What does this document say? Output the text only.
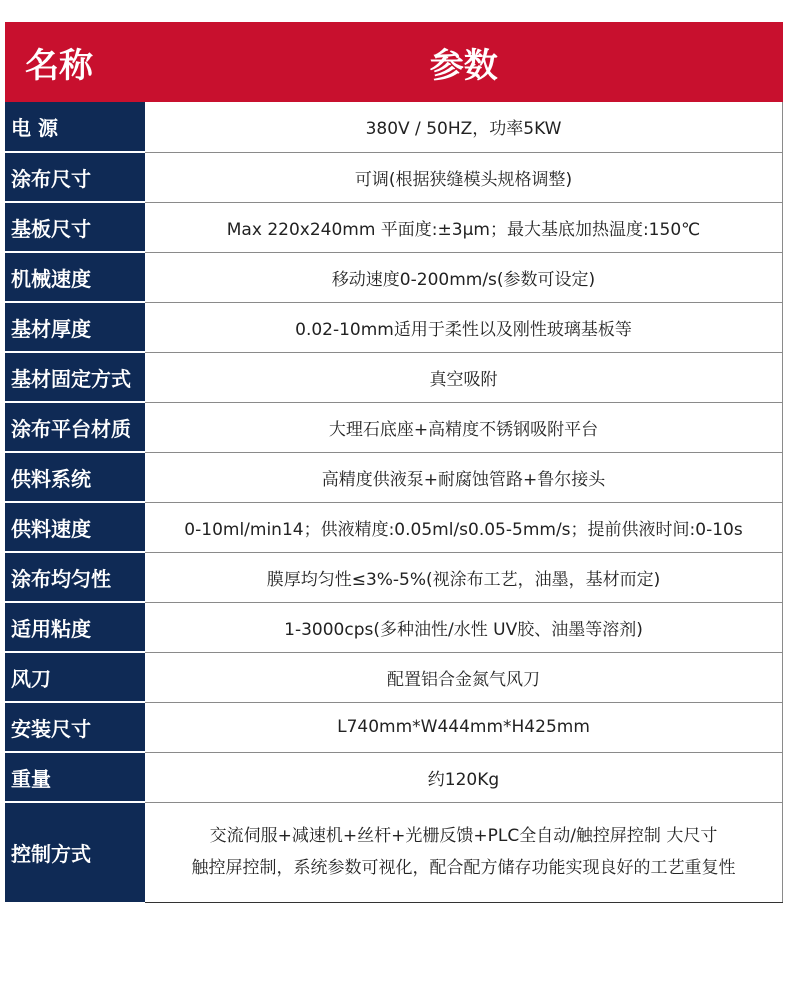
名称	参数
电 源	380V / 50HZ，功率5KW
涂布尺寸	可调(根据狭缝模头规格调整)
基板尺寸	Max 220x240mm 平面度:±3μm；最大基底加热温度:150℃
机械速度	移动速度0-200mm/s(参数可设定)
基材厚度	0.02-10mm适用于柔性以及刚性玻璃基板等
基材固定方式	真空吸附
涂布平台材质	大理石底座+高精度不锈钢吸附平台
供料系统	高精度供液泵+耐腐蚀管路+鲁尔接头
供料速度	0-10ml/min14；供液精度:0.05ml/s0.05-5mm/s；提前供液时间:0-10s
涂布均匀性	膜厚均匀性≤3%-5%(视涂布工艺，油墨，基材而定)
适用粘度	1-3000cps(多种油性/水性 UV胶、油墨等溶剂)
风刀	配置铝合金氮气风刀
安装尺寸	L740mm*W444mm*H425mm
重量	约120Kg
控制方式	交流伺服+减速机+丝杆+光栅反馈+PLC全自动/触控屏控制 大尺寸
触控屏控制，系统参数可视化，配合配方储存功能实现良好的工艺重复性
